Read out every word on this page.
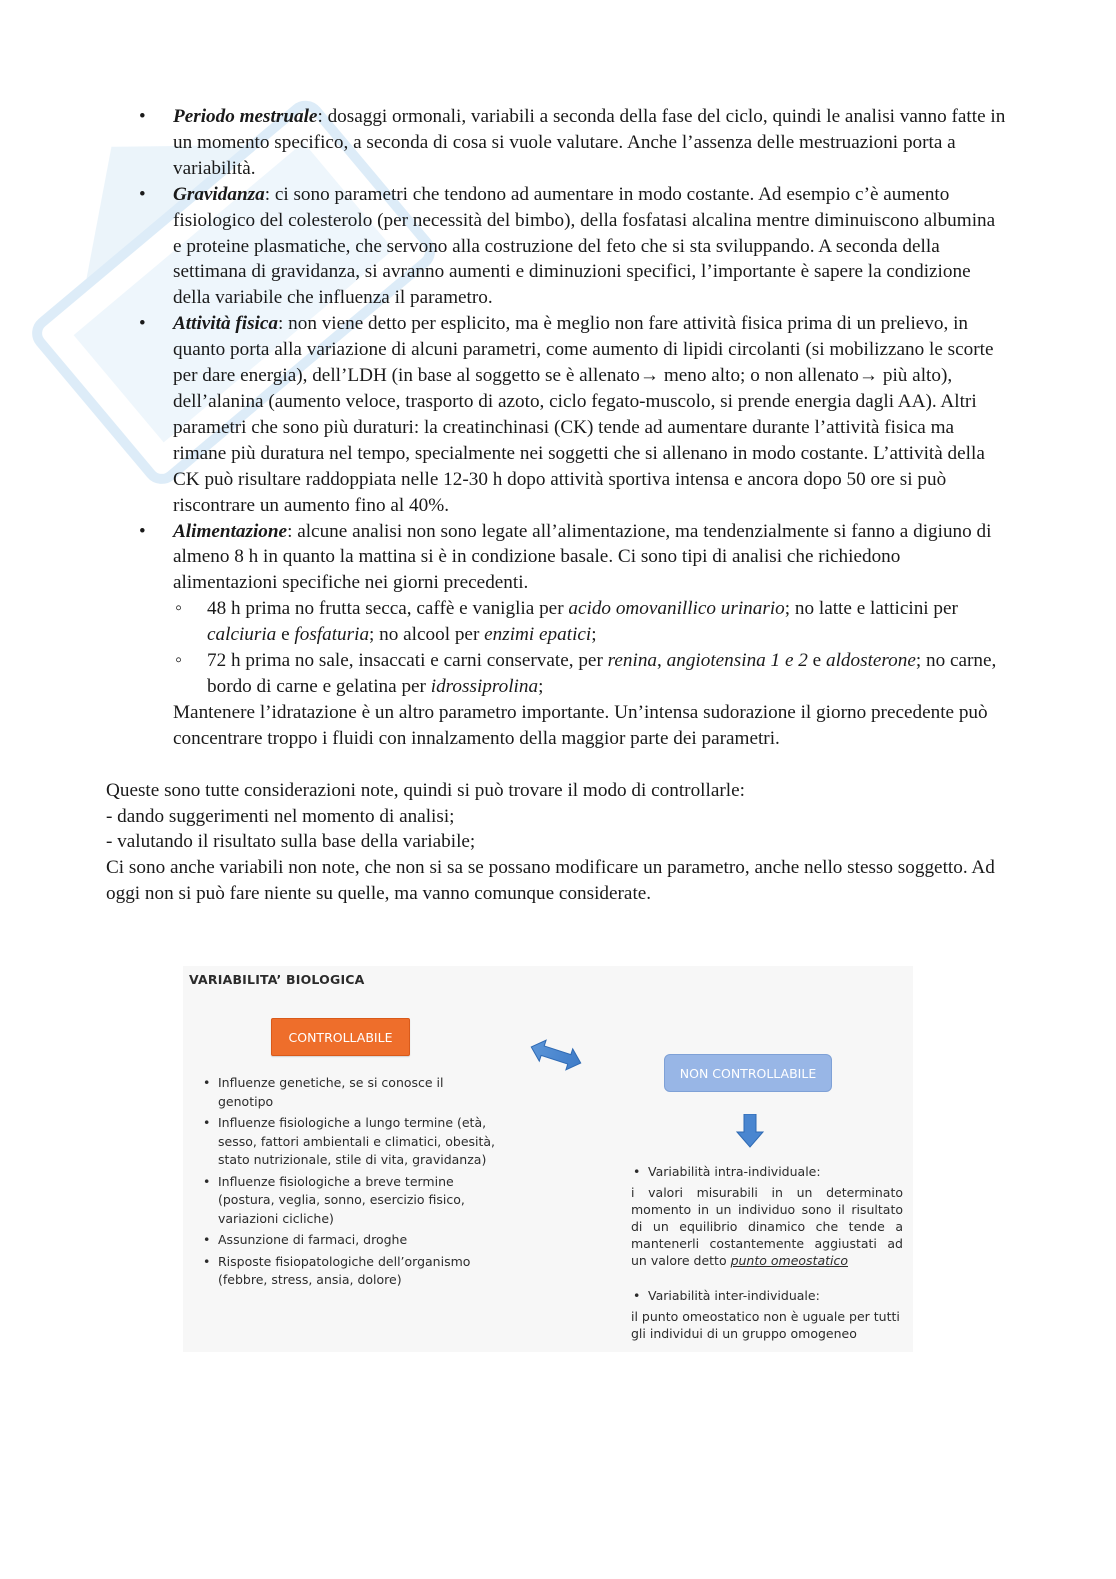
• Periodo mestruale: dosaggi ormonali, variabili a seconda della fase del ciclo, quindi le analisi vanno fatte in un momento specifico, a seconda di cosa si vuole valutare. Anche l’assenza delle mestruazioni porta a variabilità.
• Gravidanza: ci sono parametri che tendono ad aumentare in modo costante. Ad esempio c’è aumento fisiologico del colesterolo (per necessità del bimbo), della fosfatasi alcalina mentre diminuiscono albumina e proteine plasmatiche, che servono alla costruzione del feto che si sta sviluppando. A seconda della settimana di gravidanza, si avranno aumenti e diminuzioni specifici, l’importante è sapere la condizione della variabile che influenza il parametro.
• Attività fisica: non viene detto per esplicito, ma è meglio non fare attività fisica prima di un prelievo, in quanto porta alla variazione di alcuni parametri, come aumento di lipidi circolanti (si mobilizzano le scorte per dare energia), dell’LDH (in base al soggetto se è allenato→ meno alto; o non allenato→ più alto), dell’alanina (aumento veloce, trasporto di azoto, ciclo fegato-muscolo, si prende energia dagli AA). Altri parametri che sono più duraturi: la creatinchinasi (CK) tende ad aumentare durante l’attività fisica ma rimane più duratura nel tempo, specialmente nei soggetti che si allenano in modo costante. L’attività della CK può risultare raddoppiata nelle 12-30 h dopo attività sportiva intensa e ancora dopo 50 ore si può riscontrare un aumento fino al 40%.
• Alimentazione: alcune analisi non sono legate all’alimentazione, ma tendenzialmente si fanno a digiuno di almeno 8 h in quanto la mattina si è in condizione basale. Ci sono tipi di analisi che richiedono alimentazioni specifiche nei giorni precedenti.
◦ 48 h prima no frutta secca, caffè e vaniglia per acido omovanillico urinario; no latte e latticini per calciuria e fosfaturia; no alcool per enzimi epatici;
◦ 72 h prima no sale, insaccati e carni conservate, per renina, angiotensina 1 e 2 e aldosterone; no carne, bordo di carne e gelatina per idrossiprolina;
Mantenere l’idratazione è un altro parametro importante. Un’intensa sudorazione il giorno precedente può concentrare troppo i fluidi con innalzamento della maggior parte dei parametri.

Queste sono tutte considerazioni note, quindi si può trovare il modo di controllarle:

- dando suggerimenti nel momento di analisi;

- valutando il risultato sulla base della variabile;

Ci sono anche variabili non note, che non si sa se possano modificare un parametro, anche nello stesso soggetto. Ad oggi non si può fare niente su quelle, ma vanno comunque considerate.

VARIABILITA’ BIOLOGICA
CONTROLLABILE
NON CONTROLLABILE
• Influenze genetiche, se si conosce il genotipo
• Influenze fisiologiche a lungo termine (età, sesso, fattori ambientali e climatici, obesità, stato nutrizionale, stile di vita, gravidanza)
• Influenze fisiologiche a breve termine (postura, veglia, sonno, esercizio fisico, variazioni cicliche)
• Assunzione di farmaci, droghe
• Risposte fisiopatologiche dell’organismo (febbre, stress, ansia, dolore)
• Variabilità intra-individuale:
i valori misurabili in un determinato momento in un individuo sono il risultato di un equilibrio dinamico che tende a mantenerli costantemente aggiustati ad un valore detto punto omeostatico
• Variabilità inter-individuale:
il punto omeostatico non è uguale per tutti gli individui di un gruppo omogeneo
